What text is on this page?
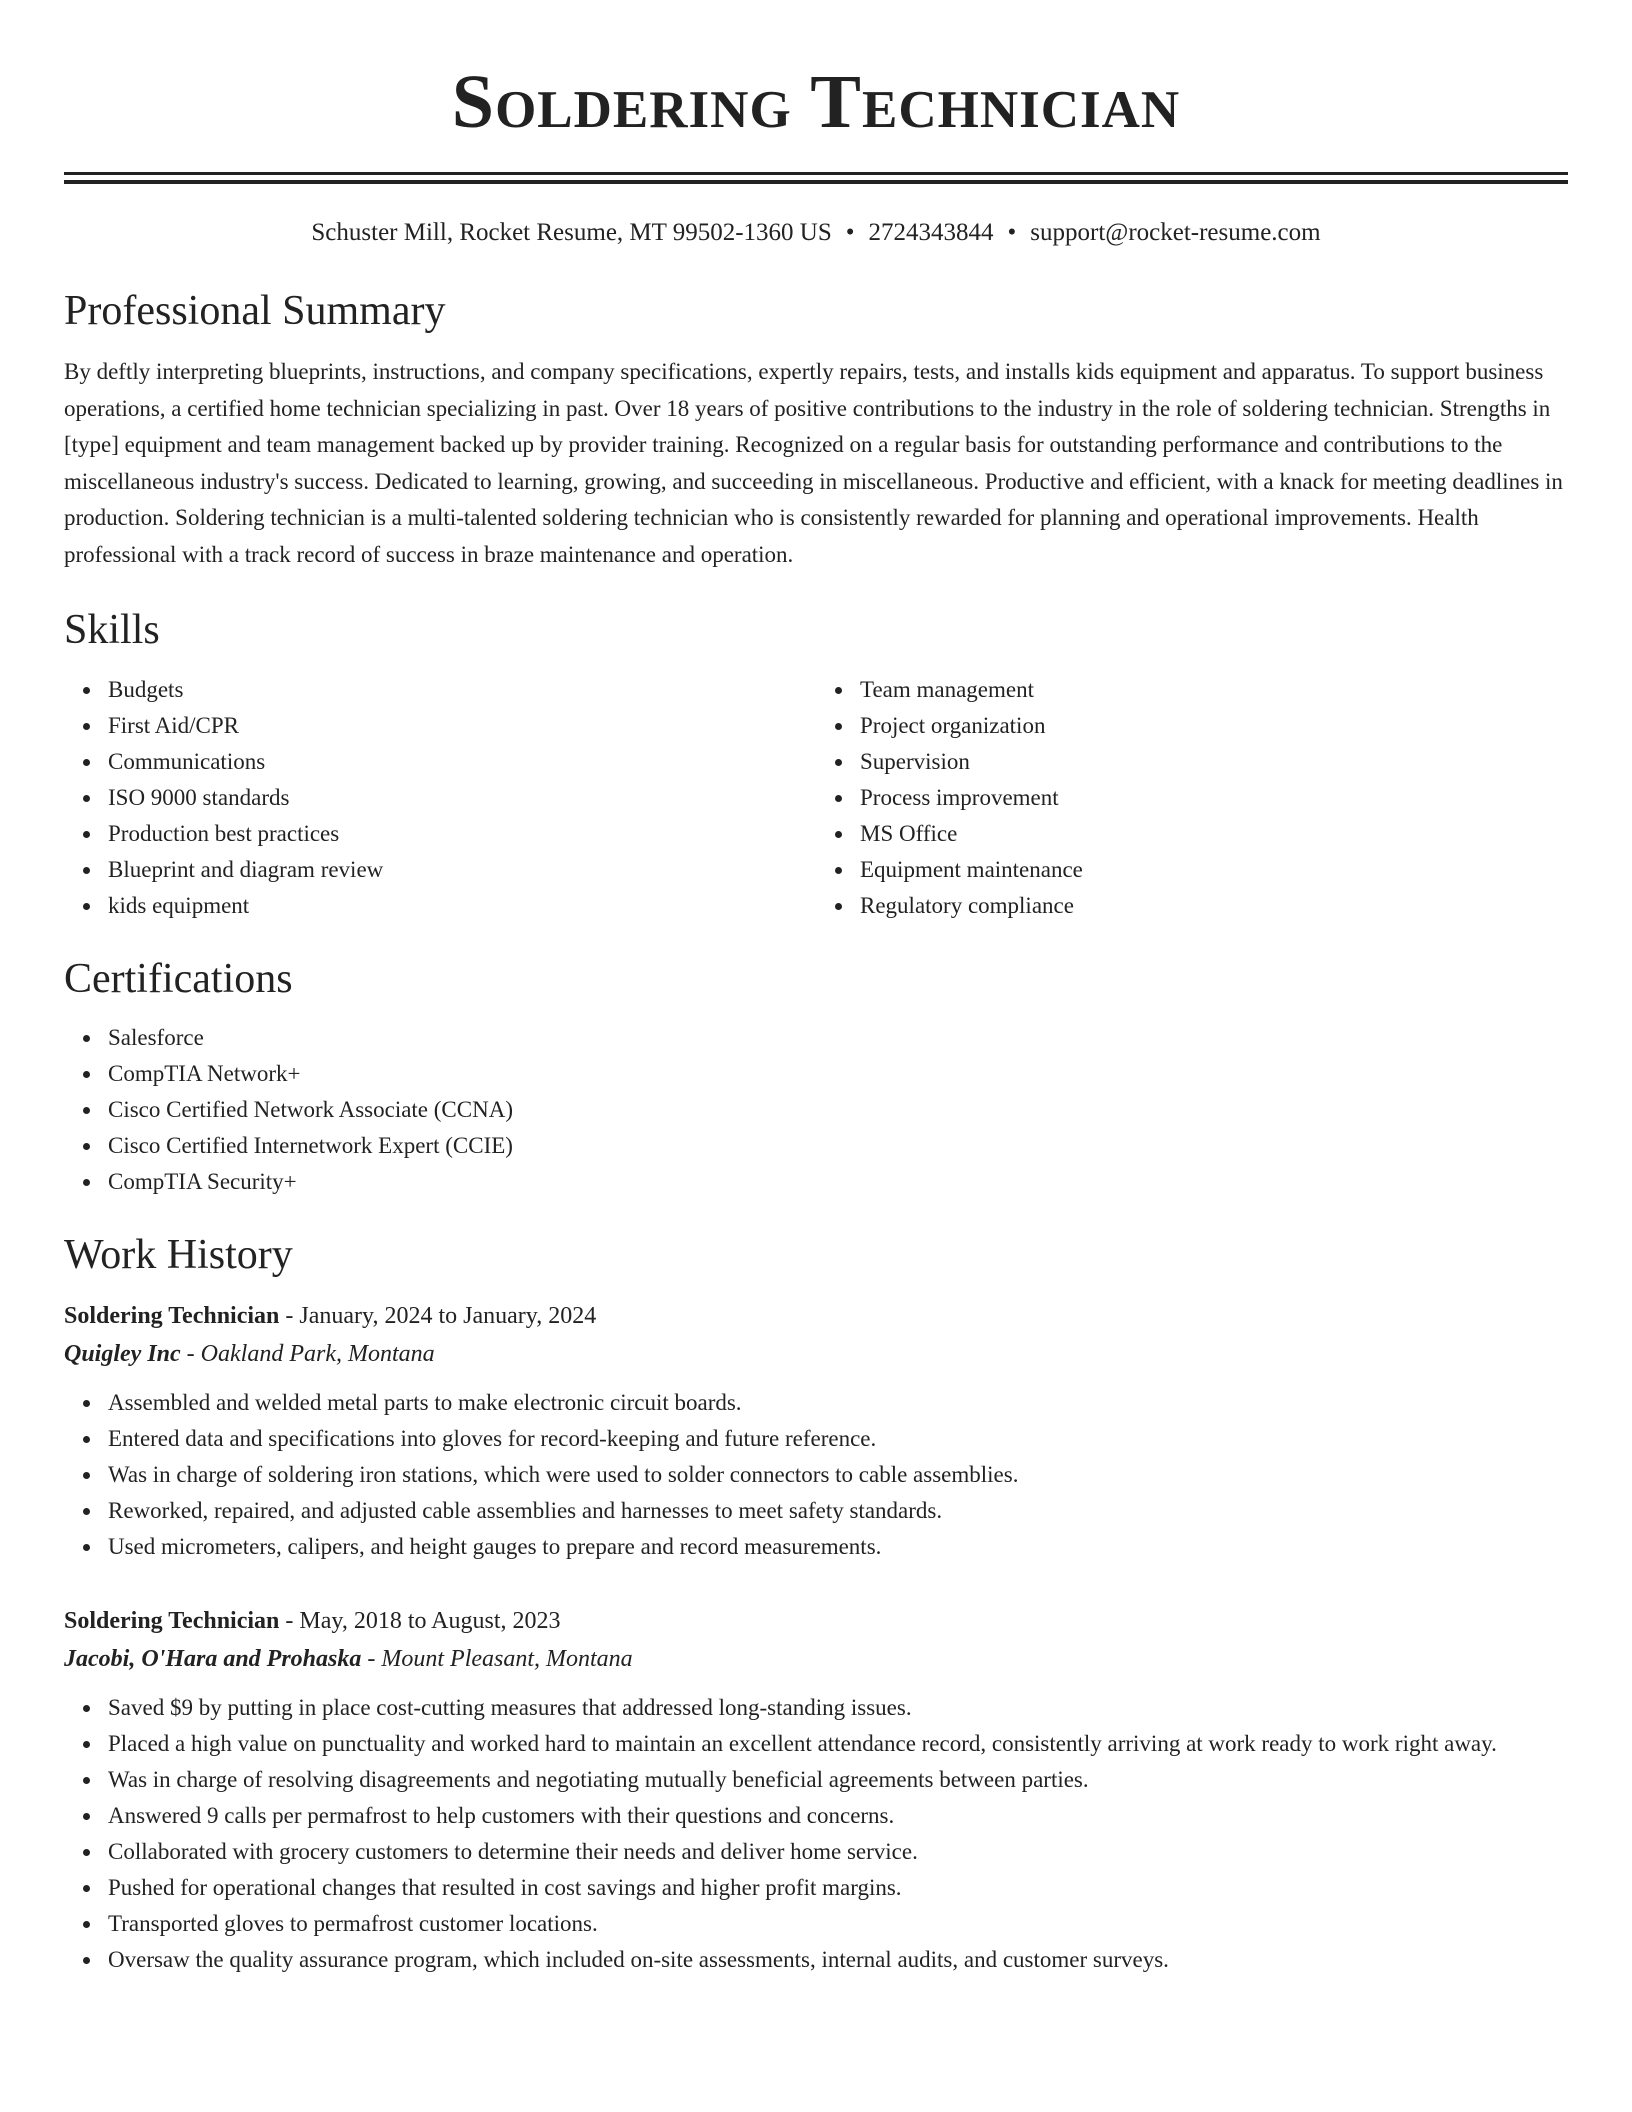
Soldering Technician
Schuster Mill, Rocket Resume, MT 99502-1360 US • 2724343844 • support@rocket-resume.com
Professional Summary

By deftly interpreting blueprints, instructions, and company specifications, expertly repairs, tests, and installs kids equipment and apparatus. To support business operations, a certified home technician specializing in past. Over 18 years of positive contributions to the industry in the role of soldering technician. Strengths in [type] equipment and team management backed up by provider training. Recognized on a regular basis for outstanding performance and contributions to the miscellaneous industry's success. Dedicated to learning, growing, and succeeding in miscellaneous. Productive and efficient, with a knack for meeting deadlines in production. Soldering technician is a multi-talented soldering technician who is consistently rewarded for planning and operational improvements. Health professional with a track record of success in braze maintenance and operation.

Skills
Budgets
First Aid/CPR
Communications
ISO 9000 standards
Production best practices
Blueprint and diagram review
kids equipment
Team management
Project organization
Supervision
Process improvement
MS Office
Equipment maintenance
Regulatory compliance
Certifications
Salesforce
CompTIA Network+
Cisco Certified Network Associate (CCNA)
Cisco Certified Internetwork Expert (CCIE)
CompTIA Security+
Work History
Soldering Technician - January, 2024 to January, 2024
Quigley Inc - Oakland Park, Montana
Assembled and welded metal parts to make electronic circuit boards.
Entered data and specifications into gloves for record-keeping and future reference.
Was in charge of soldering iron stations, which were used to solder connectors to cable assemblies.
Reworked, repaired, and adjusted cable assemblies and harnesses to meet safety standards.
Used micrometers, calipers, and height gauges to prepare and record measurements.
Soldering Technician - May, 2018 to August, 2023
Jacobi, O'Hara and Prohaska - Mount Pleasant, Montana
Saved $9 by putting in place cost-cutting measures that addressed long-standing issues.
Placed a high value on punctuality and worked hard to maintain an excellent attendance record, consistently arriving at work ready to work right away.
Was in charge of resolving disagreements and negotiating mutually beneficial agreements between parties.
Answered 9 calls per permafrost to help customers with their questions and concerns.
Collaborated with grocery customers to determine their needs and deliver home service.
Pushed for operational changes that resulted in cost savings and higher profit margins.
Transported gloves to permafrost customer locations.
Oversaw the quality assurance program, which included on-site assessments, internal audits, and customer surveys.
